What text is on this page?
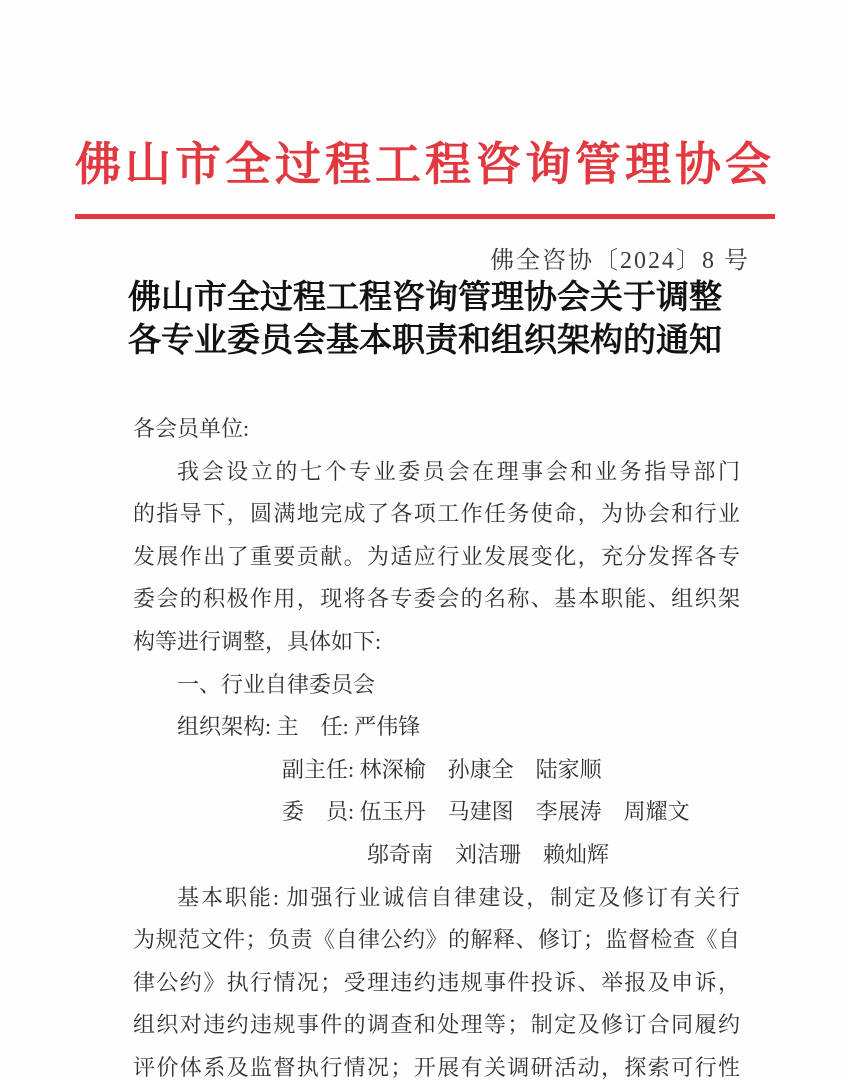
佛山市全过程工程咨询管理协会
佛全咨协〔2024〕8 号
佛山市全过程工程咨询管理协会关于调整
各专业委员会基本职责和组织架构的通知
各会员单位:
我会设立的七个专业委员会在理事会和业务指导部门
的指导下，圆满地完成了各项工作任务使命，为协会和行业
发展作出了重要贡献。为适应行业发展变化，充分发挥各专
委会的积极作用，现将各专委会的名称、基本职能、组织架
构等进行调整，具体如下:
一、行业自律委员会
组织架构: 主　任: 严伟锋
副主任: 林深榆　孙康全　陆家顺
委　员: 伍玉丹　马建图　李展涛　周耀文
邬奇南　刘洁珊　赖灿辉
基本职能: 加强行业诚信自律建设，制定及修订有关行
为规范文件；负责《自律公约》的解释、修订；监督检查《自
律公约》执行情况；受理违约违规事件投诉、举报及申诉，
组织对违约违规事件的调查和处理等；制定及修订合同履约
评价体系及监督执行情况；开展有关调研活动，探索可行性
